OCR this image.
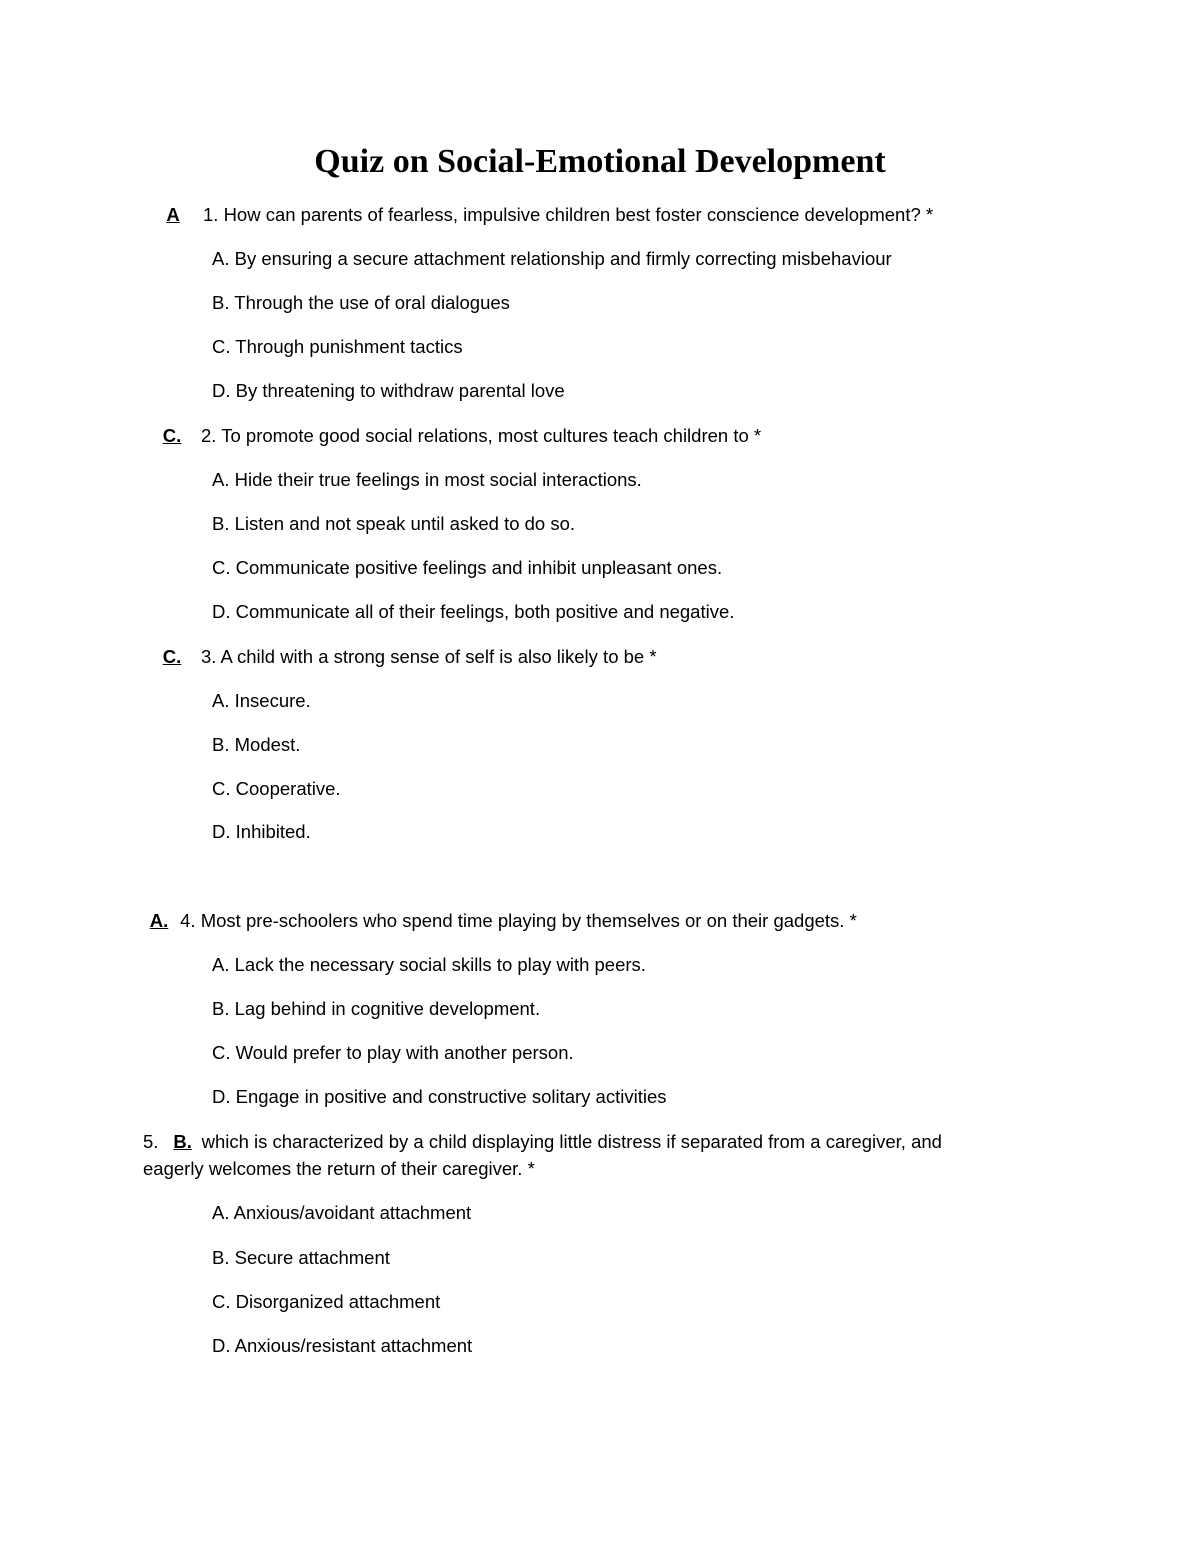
Quiz on Social-Emotional Development
A 1. How can parents of fearless, impulsive children best foster conscience development? *
A. By ensuring a secure attachment relationship and firmly correcting misbehaviour
B. Through the use of oral dialogues
C. Through punishment tactics
D. By threatening to withdraw parental love
C. 2. To promote good social relations, most cultures teach children to *
A. Hide their true feelings in most social interactions.
B. Listen and not speak until asked to do so.
C. Communicate positive feelings and inhibit unpleasant ones.
D. Communicate all of their feelings, both positive and negative.
C. 3. A child with a strong sense of self is also likely to be *
A. Insecure.
B. Modest.
C. Cooperative.
D. Inhibited.
A. 4. Most pre-schoolers who spend time playing by themselves or on their gadgets. *
A. Lack the necessary social skills to play with peers.
B. Lag behind in cognitive development.
C. Would prefer to play with another person.
D. Engage in positive and constructive solitary activities
5. B. which is characterized by a child displaying little distress if separated from a caregiver, and
eagerly welcomes the return of their caregiver. *
A. Anxious/avoidant attachment
B. Secure attachment
C. Disorganized attachment
D. Anxious/resistant attachment
